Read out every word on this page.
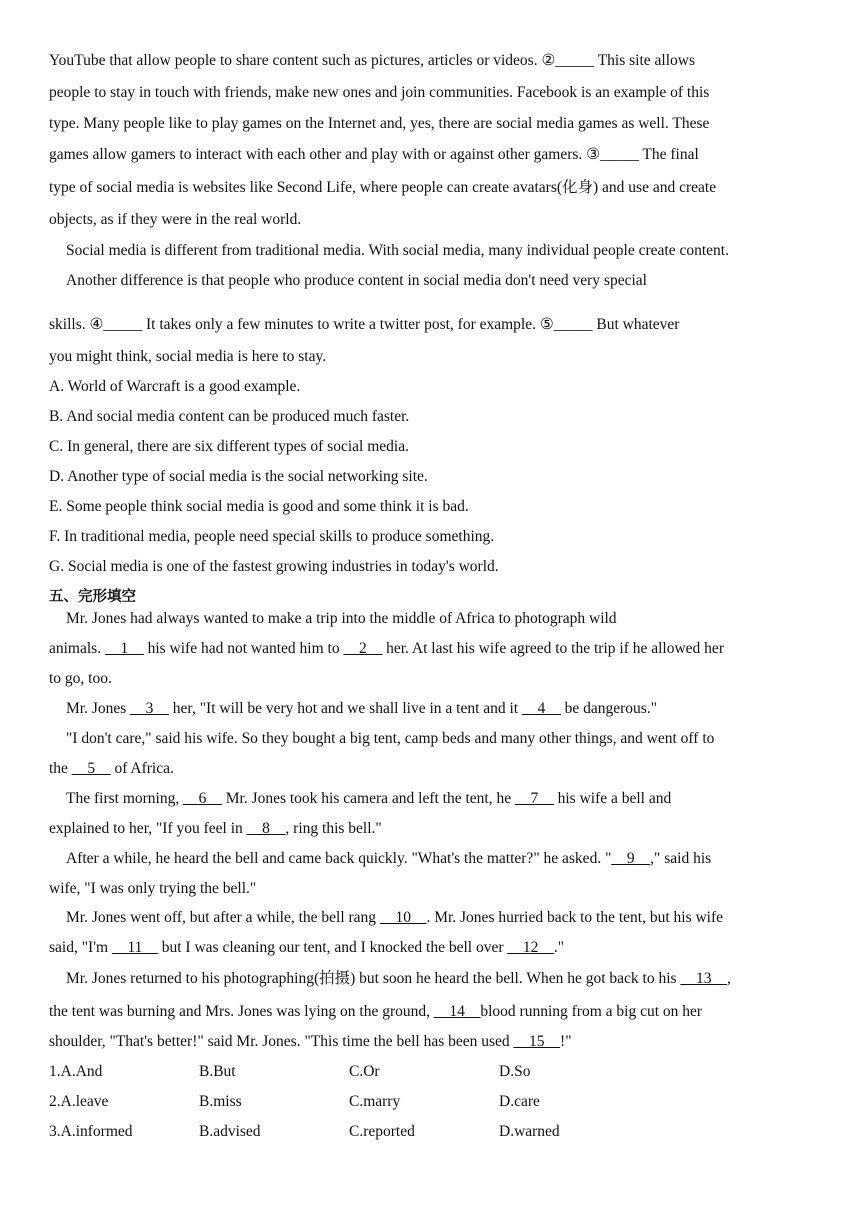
YouTube that allow people to share content such as pictures, articles or videos. ②_____ This site allows
people to stay in touch with friends, make new ones and join communities. Facebook is an example of this
type. Many people like to play games on the Internet and, yes, there are social media games as well. These
games allow gamers to interact with each other and play with or against other gamers. ③_____ The final
type of social media is websites like Second Life, where people can create avatars(化身) and use and create
objects, as if they were in the real world.
Social media is different from traditional media. With social media, many individual people create content.
Another difference is that people who produce content in social media don't need very special
skills. ④_____ It takes only a few minutes to write a twitter post, for example. ⑤_____ But whatever
you might think, social media is here to stay.
A. World of Warcraft is a good example.
B. And social media content can be produced much faster.
C. In general, there are six different types of social media.
D. Another type of social media is the social networking site.
E. Some people think social media is good and some think it is bad.
F. In traditional media, people need special skills to produce something.
G. Social media is one of the fastest growing industries in today's world.
五、完形填空
Mr. Jones had always wanted to make a trip into the middle of Africa to photograph wild
animals. __1__ his wife had not wanted him to __2__ her. At last his wife agreed to the trip if he allowed her
to go, too.
Mr. Jones __3__ her, "It will be very hot and we shall live in a tent and it __4__ be dangerous."
"I don't care," said his wife. So they bought a big tent, camp beds and many other things, and went off to
the __5__ of Africa.
The first morning, __6__ Mr. Jones took his camera and left the tent, he __7__ his wife a bell and
explained to her, "If you feel in __8__, ring this bell."
After a while, he heard the bell and came back quickly. "What's the matter?" he asked. "__9__," said his
wife, "I was only trying the bell."
Mr. Jones went off, but after a while, the bell rang __10__. Mr. Jones hurried back to the tent, but his wife
said, "I'm __11__ but I was cleaning our tent, and I knocked the bell over __12__."
Mr. Jones returned to his photographing(拍摄) but soon he heard the bell. When he got back to his __13__,
the tent was burning and Mrs. Jones was lying on the ground, __14__blood running from a big cut on her
shoulder, "That's better!" said Mr. Jones. "This time the bell has been used __15__!"
1.A.And	B.But	C.Or	D.So
2.A.leave	B.miss	C.marry	D.care
3.A.informed	B.advised	C.reported	D.warned
